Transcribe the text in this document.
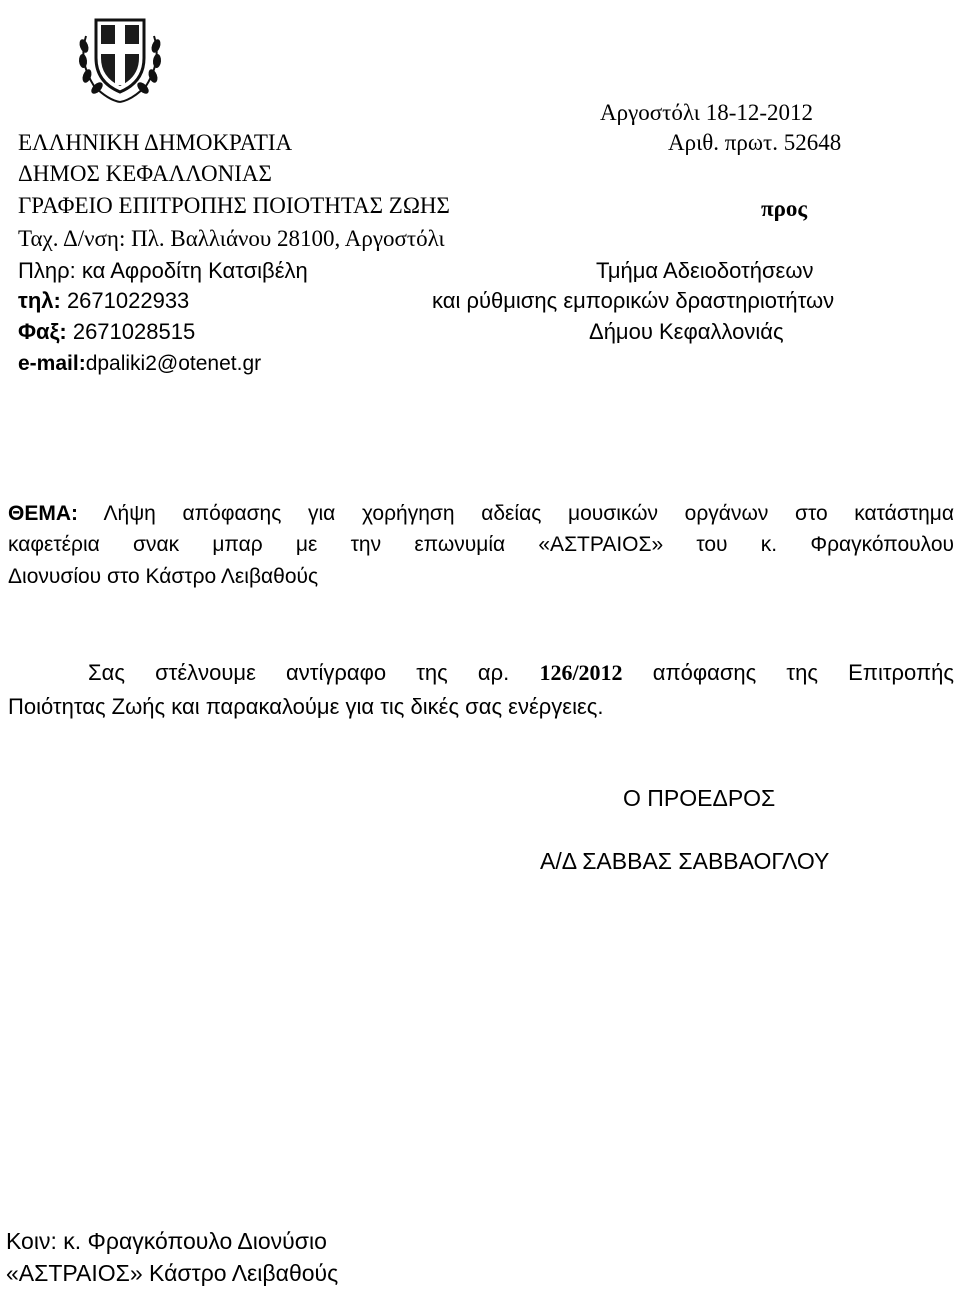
Αργοστόλι 18-12-2012
Αριθ. πρωτ. 52648
ΕΛΛΗΝΙΚΗ ΔΗΜΟΚΡΑΤΙΑ
ΔΗΜΟΣ ΚΕΦΑΛΛΟΝΙΑΣ
ΓΡΑΦΕΙΟ ΕΠΙΤΡΟΠΗΣ ΠΟΙΟΤΗΤΑΣ ΖΩΗΣ
Ταχ. Δ/νση: Πλ. Βαλλιάνου 28100, Αργοστόλι
Πληρ: κα Αφροδίτη Κατσιβέλη
τηλ: 2671022933
Φαξ: 2671028515
e-mail:dpaliki2@otenet.gr
προς
Τμήμα Αδειοδοτήσεων
και ρύθμισης εμπορικών δραστηριοτήτων
Δήμου Κεφαλλονιάς
ΘΕΜΑ: Λήψη απόφασης για χορήγηση αδείας μουσικών οργάνων στο κατάστημα
καφετέρια σνακ μπαρ με την επωνυμία «ΑΣΤΡΑΙΟΣ» του κ. Φραγκόπουλου
Διονυσίου στο Κάστρο Λειβαθούς
Σας στέλνουμε αντίγραφο της αρ. 126/2012 απόφασης της Επιτροπής
Ποιότητας Ζωής και παρακαλούμε για τις δικές σας ενέργειες.
Ο ΠΡΟΕΔΡΟΣ
Α/Δ ΣΑΒΒΑΣ ΣΑΒΒΑΟΓΛΟΥ
Κοιν: κ. Φραγκόπουλο Διονύσιο
«ΑΣΤΡΑΙΟΣ» Κάστρο Λειβαθούς
